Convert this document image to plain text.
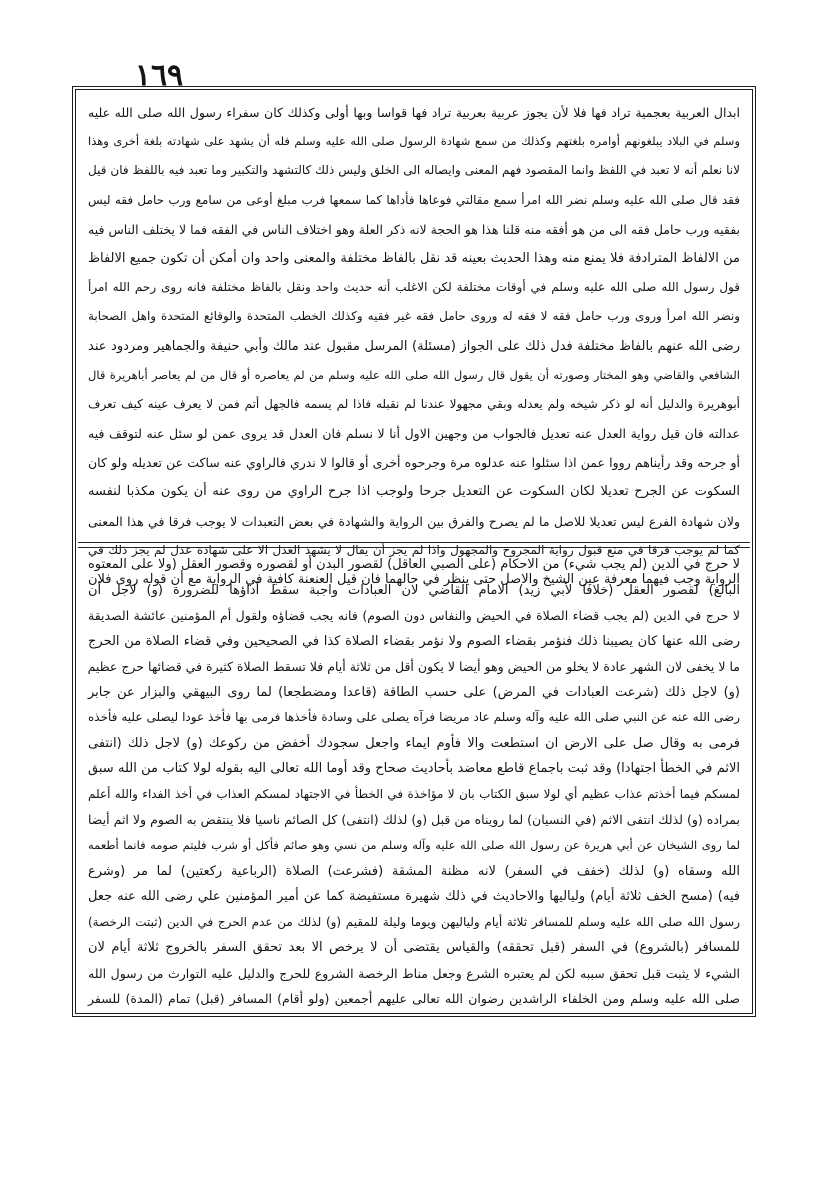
١٦٩
ابدال العربية بعجمية تراد فها فلا لأن يجوز عربية بعربية تراد فها قواسا وبها أولى وكذلك كان سفراء رسول الله صلى الله عليه
وسلم في البلاد يبلغونهم أوامره بلغتهم وكذلك من سمع شهادة الرسول صلى الله عليه وسلم فله أن يشهد على شهادته بلغة أخرى وهذا
لانا نعلم أنه لا تعبد في اللفظ وانما المقصود فهم المعنى وايصاله الى الخلق وليس ذلك كالتشهد والتكبير وما تعبد فيه باللفظ فان قيل
فقد قال صلى الله عليه وسلم نضر الله امرأ سمع مقالتي فوعاها فأداها كما سمعها فرب مبلغ أوعى من سامع ورب حامل فقه ليس
بفقيه ورب حامل فقه الى من هو أفقه منه قلنا هذا هو الحجة لانه ذكر العلة وهو اختلاف الناس في الفقه فما لا يختلف الناس فيه
من الالفاظ المترادفة فلا يمنع منه وهذا الحديث بعينه قد نقل بالفاظ مختلفة والمعنى واحد وان أمكن أن تكون جميع الالفاظ
قول رسول الله صلى الله عليه وسلم في أوقات مختلفة لكن الاغلب أنه حديث واحد ونقل بالفاظ مختلفة فانه روى رحم الله امرأ
ونضر الله امرأ وروى ورب حامل فقه لا فقه له وروى حامل فقه غير فقيه وكذلك الخطب المتحدة والوقائع المتحدة واهل الصحابة
رضى الله عنهم بالفاظ مختلفة فدل ذلك على الجواز (مسئلة) المرسل مقبول عند مالك وأبي حنيفة والجماهير ومردود عند
الشافعي والقاضي وهو المختار وصورته أن يقول قال رسول الله صلى الله عليه وسلم من لم يعاصره أو قال من لم يعاصر أباهريرة قال
أبوهريرة والدليل أنه لو ذكر شيخه ولم يعدله وبقي مجهولا عندنا لم نقبله فاذا لم يسمه فالجهل أتم فمن لا يعرف عينه كيف تعرف
عدالته فان قيل رواية العدل عنه تعديل فالجواب من وجهين الاول أنا لا نسلم فان العدل قد يروى عمن لو سئل عنه لتوقف فيه
أو جرحه وقد رأيناهم رووا عمن اذا سئلوا عنه عدلوه مرة وجرحوه أخرى أو قالوا لا ندري فالراوي عنه ساكت عن تعديله ولو كان
السكوت عن الجرح تعديلا لكان السكوت عن التعديل جرحا ولوجب اذا جرح الراوي من روى عنه أن يكون مكذبا لنفسه
ولان شهادة الفرع ليس تعديلا للاصل ما لم يصرح والفرق بين الرواية والشهادة في بعض التعبدات لا يوجب فرقا في هذا المعنى
كما لم يوجب فرقا في منع قبول رواية المجروح والمجهول واذا لم يجز أن يقال لا يشهد العدل الا على شهادة عدل لم يجز ذلك في
الرواية وجب فيهما معرفة عين الشيخ والاصل حتى ينظر في حالهما فان قيل العنعنة كافية في الرواية مع أن قوله روى فلان
لا حرج في الدين (لم يجب شيء) من الاحكام (على الصبي العاقل) لقصور البدن أو لقصوره وقصور العقل (ولا على المعتوه
البالغ) لقصور العقل (خلافا لأبي زيد) الامام القاضي لان العبادات واجبة سقط أداؤها للضرورة (و) لاجل أن
لا حرج في الدين (لم يجب قضاء الصلاة في الحيض والنفاس دون الصوم) فانه يجب قضاؤه ولقول أم المؤمنين عائشة الصديقة
رضى الله عنها كان يصيبنا ذلك فنؤمر بقضاء الصوم ولا نؤمر بقضاء الصلاة كذا في الصحيحين وفي قضاء الصلاة من الحرج
ما لا يخفى لان الشهر عادة لا يخلو من الحيض وهو أيضا لا يكون أقل من ثلاثة أيام فلا تسقط الصلاة كثيرة في قضائها حرج عظيم
(و) لاجل ذلك (شرعت العبادات في المرض) على حسب الطاقة (قاعدا ومضطجعا) لما روى البيهقي والبزار عن جابر
رضى الله عنه عن النبي صلى الله عليه وآله وسلم عاد مريضا فرآه يصلى على وسادة فأخذها فرمى بها فأخذ عودا ليصلى عليه فأخذه
فرمى به وقال صل على الارض ان استطعت والا فأوم ايماء واجعل سجودك أخفض من ركوعك (و) لاجل ذلك (انتفى
الاثم في الخطأ اجتهادا) وقد ثبت باجماع قاطع معاضد بأحاديث صحاح وقد أوما الله تعالى اليه بقوله لولا كتاب من الله سبق
لمسكم فيما أخذتم عذاب عظيم أي لولا سبق الكتاب بان لا مؤاخذة في الخطأ في الاجتهاد لمسكم العذاب في أخذ الفداء والله أعلم
بمراده (و) لذلك انتفى الاثم (في النسيان) لما رويناه من قبل (و) لذلك (انتفى) كل الصائم ناسيا فلا ينتقض به الصوم ولا اثم أيضا
لما روى الشيخان عن أبي هريرة عن رسول الله صلى الله عليه وآله وسلم من نسي وهو صائم فأكل أو شرب فليتم صومه فانما أطعمه
الله وسقاه (و) لذلك (خفف في السفر) لانه مظنة المشقة (فشرعت) الصلاة (الرباعية ركعتين) لما مر (وشرع
فيه) (مسح الخف ثلاثة أيام) ولياليها والاحاديث في ذلك شهيرة مستفيضة كما عن أمير المؤمنين علي رضى الله عنه جعل
رسول الله صلى الله عليه وسلم للمسافر ثلاثة أيام ولياليهن ويوما وليلة للمقيم (و) لذلك من عدم الحرج في الدين (ثبتت الرخصة)
للمسافر (بالشروع) في السفر (قبل تحققه) والقياس يقتضى أن لا يرخص الا بعد تحقق السفر بالخروج ثلاثة أيام لان
الشيء لا يثبت قبل تحقق سببه لكن لم يعتبره الشرع وجعل مناط الرخصة الشروع للحرج والدليل عليه التوارث من رسول الله
صلى الله عليه وسلم ومن الخلفاء الراشدين رضوان الله تعالى عليهم أجمعين (ولو أقام) المسافر (قبل) تمام (المدة) للسفر
